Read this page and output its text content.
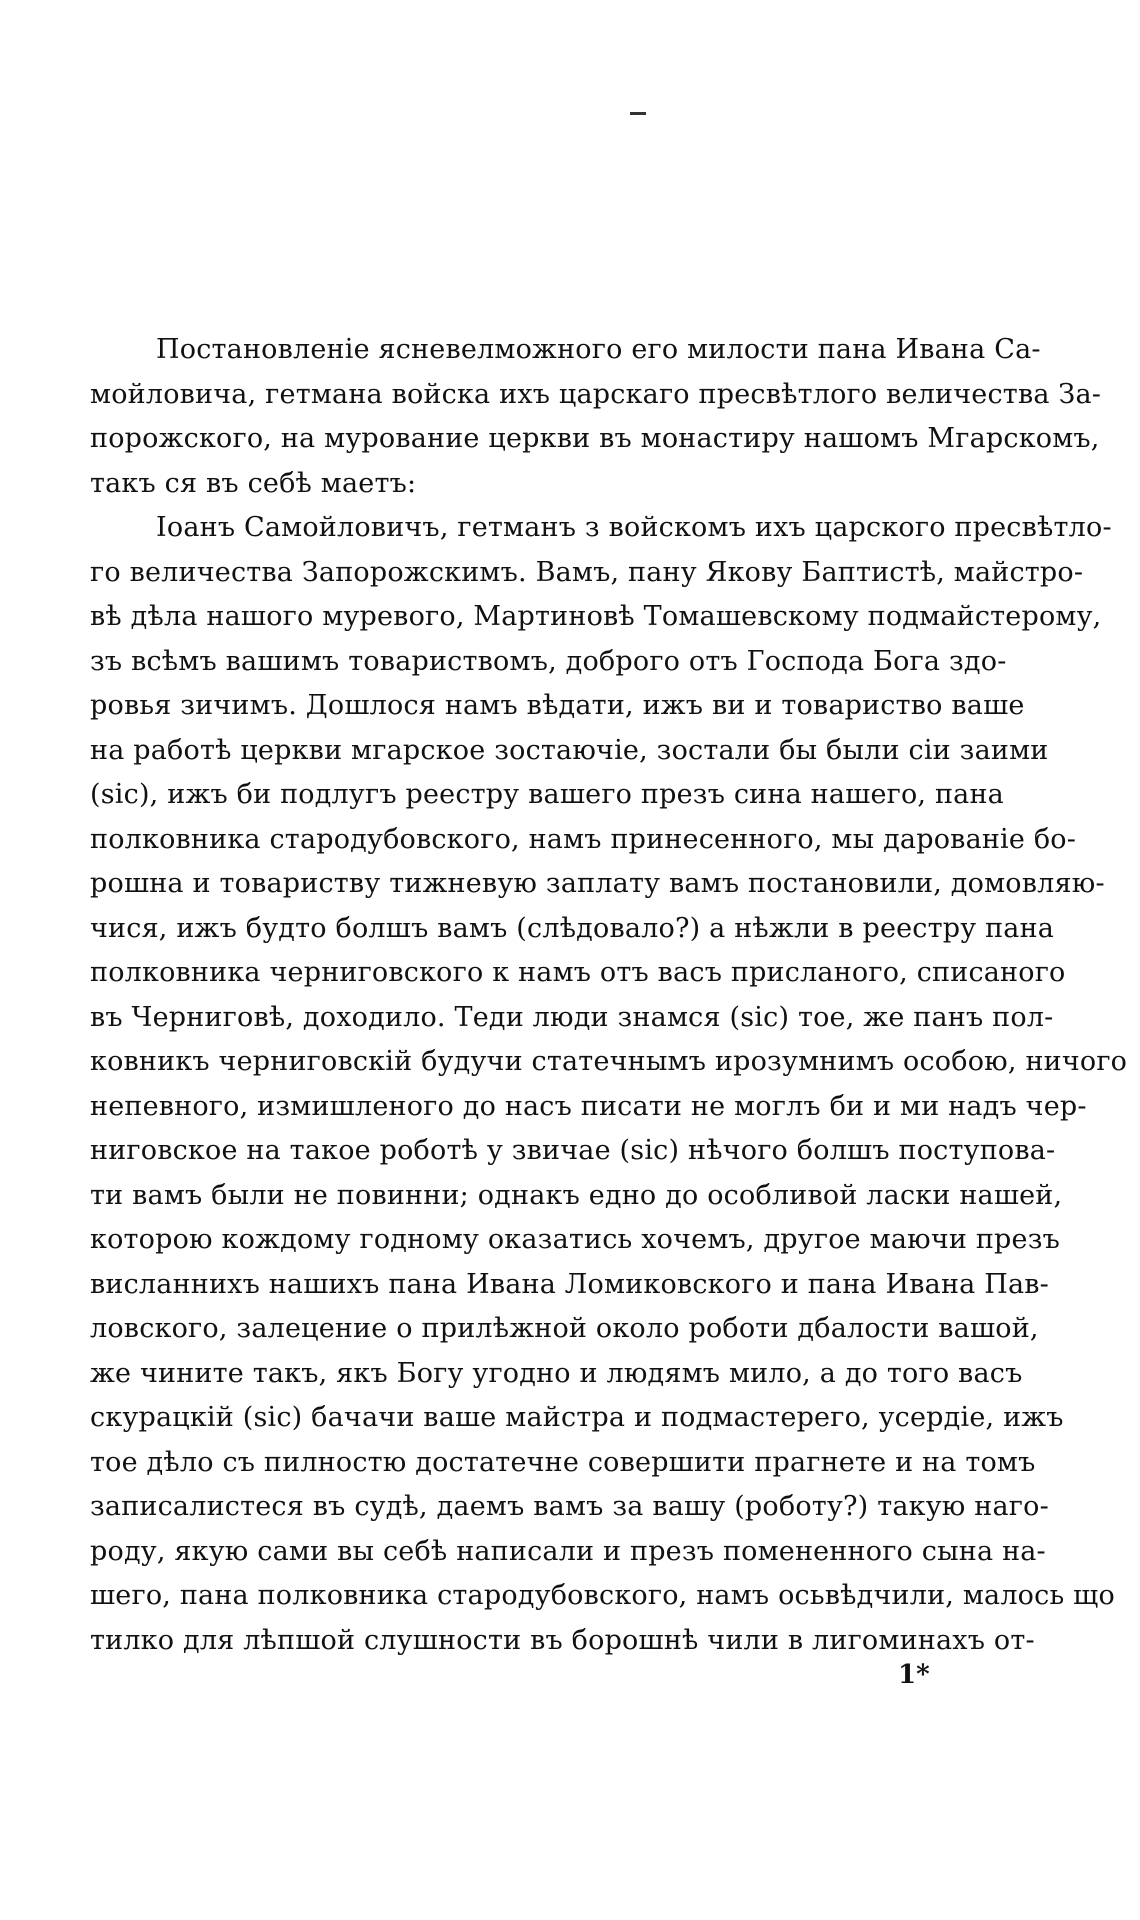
Постановленіе ясневелможного его милости пана Ивана Са-
мойловича, гетмана войска ихъ царскаго пресвѣтлого величества За-
порожского, на мурование церкви въ монастиру нашомъ Мгарскомъ,
такъ ся въ себѣ маетъ:
Іоанъ Самойловичъ, гетманъ з войскомъ ихъ царского пресвѣтло-
го величества Запорожскимъ. Вамъ, пану Якову Баптистѣ, майстро-
вѣ дѣла нашого муревого, Мартиновѣ Томашевскому подмайстерому,
зъ всѣмъ вашимъ товариствомъ, доброго отъ Господа Бога здо-
ровья зичимъ. Дошлося намъ вѣдати, ижъ ви и товариство ваше
на работѣ церкви мгарское зостаючіе, зостали бы были сіи заими
(sic), ижъ би подлугъ реестру вашего презъ сина нашего, пана
полковника стародубовского, намъ принесенного, мы дарованіе бо-
рошна и товариству тижневую заплату вамъ постановили, домовляю-
чися, ижъ будто болшъ вамъ (слѣдовало?) а нѣжли в реестру пана
полковника черниговского к намъ отъ васъ присланого, списаного
въ Черниговѣ, доходило. Теди люди знамся (sic) тое, же панъ пол-
ковникъ черниговскій будучи статечнымъ ирозумнимъ особою, ничого
непевного, измишленого до насъ писати не моглъ би и ми надъ чер-
ниговское на такое роботѣ у звичае (sic) нѣчого болшъ поступова-
ти вамъ были не повинни; однакъ едно до особливой ласки нашей,
которою кождому годному оказатись хочемъ, другое маючи презъ
висланнихъ нашихъ пана Ивана Ломиковского и пана Ивана Пав-
ловского, залецение о прилѣжной около роботи дбалости вашой,
же чините такъ, якъ Богу угодно и людямъ мило, а до того васъ
скурацкій (sic) бачачи ваше майстра и подмастерего, усердіе, ижъ
тое дѣло съ пилностю достатечне совершити прагнете и на томъ
записалистеся въ судѣ, даемъ вамъ за вашу (роботу?) такую наго-
роду, якую сами вы себѣ написали и презъ помененного сына на-
шего, пана полковника стародубовского, намъ осьвѣдчили, малось що
тилко для лѣпшой слушности въ борошнѣ чили в лигоминахъ от-
1*
